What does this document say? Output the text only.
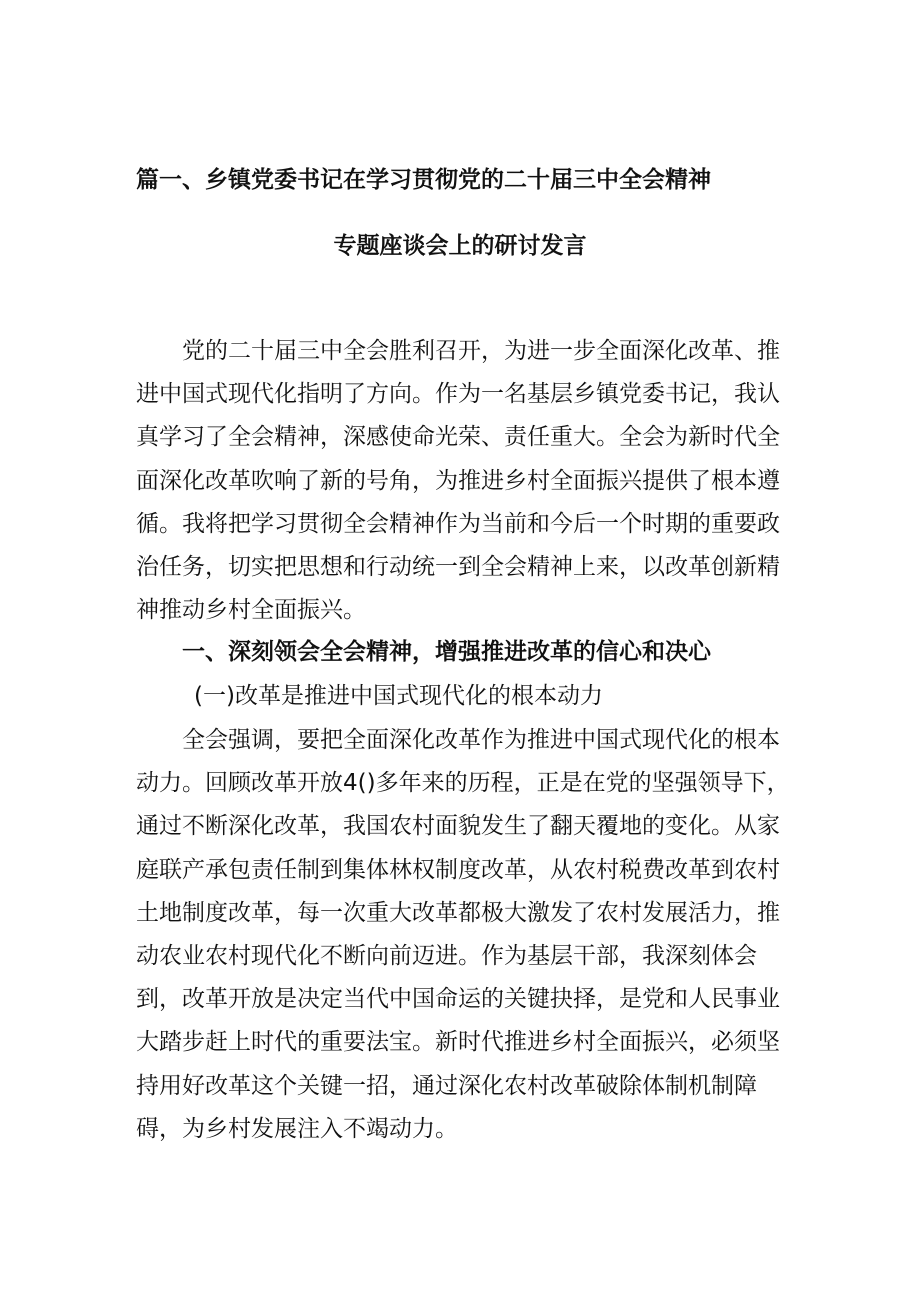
篇一、乡镇党委书记在学习贯彻党的二十届三中全会精神
专题座谈会上的研讨发言

党的二十届三中全会胜利召开，为进一步全面深化改革、推进中国式现代化指明了方向。作为一名基层乡镇党委书记，我认真学习了全会精神，深感使命光荣、责任重大。全会为新时代全面深化改革吹响了新的号角，为推进乡村全面振兴提供了根本遵循。我将把学习贯彻全会精神作为当前和今后一个时期的重要政治任务，切实把思想和行动统一到全会精神上来，以改革创新精神推动乡村全面振兴。

一、深刻领会全会精神，增强推进改革的信心和决心
(一)改革是推进中国式现代化的根本动力

全会强调，要把全面深化改革作为推进中国式现代化的根本动力。回顾改革开放4()多年来的历程，正是在党的坚强领导下，通过不断深化改革，我国农村面貌发生了翻天覆地的变化。从家庭联产承包责任制到集体林权制度改革，从农村税费改革到农村土地制度改革，每一次重大改革都极大激发了农村发展活力，推动农业农村现代化不断向前迈进。作为基层干部，我深刻体会到，改革开放是决定当代中国命运的关键抉择，是党和人民事业大踏步赶上时代的重要法宝。新时代推进乡村全面振兴，必须坚持用好改革这个关键一招，通过深化农村改革破除体制机制障碍，为乡村发展注入不竭动力。
